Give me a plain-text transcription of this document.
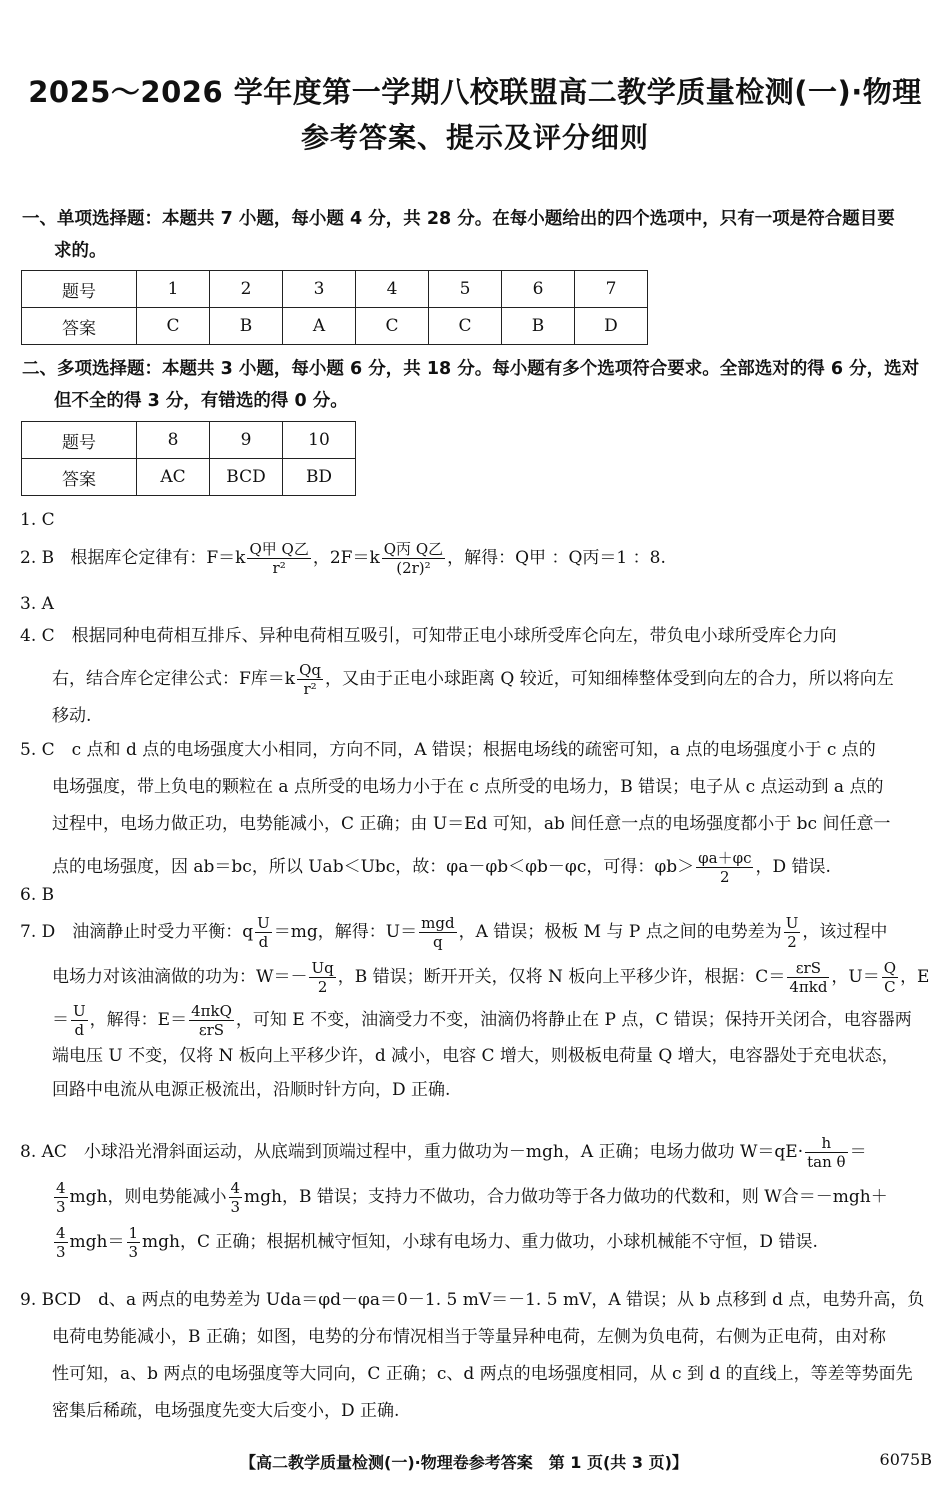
2025～2026 学年度第一学期八校联盟高二教学质量检测(一)·物理
参考答案、提示及评分细则
一、单项选择题：本题共 7 小题，每小题 4 分，共 28 分。在每小题给出的四个选项中，只有一项是符合题目要
求的。
题号	1	2	3	4	5	6	7
答案	C	B	A	C	C	B	D
二、多项选择题：本题共 3 小题，每小题 6 分，共 18 分。每小题有多个选项符合要求。全部选对的得 6 分，选对
但不全的得 3 分，有错选的得 0 分。
题号	8	9	10
答案	AC	BCD	BD
1. C
2. B 根据库仑定律有：$F=k \frac{\text{Q甲 Q乙}}{\text{r²}}$ ，$2F=k \frac{\text{Q丙 Q乙}}{\text{(2r)²}}$ ，解得：Q甲 ：Q丙＝1 ：8.
3. A
4. C　根据同种电荷相互排斥、异种电荷相互吸引，可知带正电小球所受库仑向左，带负电小球所受库仑力向
右，结合库仑定律公式：F库$=k \frac{Qq}{\text{r²}}$ ，又由于正电小球距离 Q 较近，可知细棒整体受到向左的合力，所以将向左
移动.
5. C　c 点和 d 点的电场强度大小相同，方向不同，A 错误；根据电场线的疏密可知，a 点的电场强度小于 c 点的
电场强度，带上负电的颗粒在 a 点所受的电场力小于在 c 点所受的电场力，B 错误；电子从 c 点运动到 a 点的
过程中，电场力做正功，电势能减小，C 正确；由 U＝Ed 可知，ab 间任意一点的电场强度都小于 bc 间任意一
点的电场强度，因 ab＝bc，所以 Uab＜Ubc，故：φa－φb＜φb－φc，可得：$\varphi b> \frac{\varphi a+\varphi c}{2}$ ，D 错误.
6. B
7. D　油滴静止时受力平衡：q $\frac{U}{d} =mg$，解得：$U= \frac{\text{mgd}}{q}$ ，A 错误；极板 M 与 P 点之间的电势差为 $\frac{U}{2}$ ，该过程中
电场力对该油滴做的功为：$W=- \frac{Uq}{2}$ ，B 错误；断开开关，仅将 N 板向上平移少许，根据：$C= \frac{\text{εrS}}{\text{4πkd}}$ ，$U= \frac{Q}{C}$ ，E
＝ $\frac{U}{d}$ ，解得：$E= \frac{\text{4πkQ}}{\text{εrS}}$ ，可知 E 不变，油滴受力不变，油滴仍将静止在 P 点，C 错误；保持开关闭合，电容器两
端电压 U 不变，仅将 N 板向上平移少许，d 减小，电容 C 增大，则极板电荷量 Q 增大，电容器处于充电状态，
回路中电流从电源正极流出，沿顺时针方向，D 正确.
8. AC　小球沿光滑斜面运动，从底端到顶端过程中，重力做功为－mgh，A 正确；电场力做功 $W=qE\cdot \frac{h}{\text{tan θ}}$ ＝
$\frac{4}{3}$ mgh，则电势能减小 $\frac{4}{3}$ mgh，B 错误；支持力不做功，合力做功等于各力做功的代数和，则 W合＝－mgh＋
$\frac{4}{3} mgh= \frac{1}{3}$ mgh，C 正确；根据机械守恒知，小球有电场力、重力做功，小球机械能不守恒，D 错误.
9. BCD　d、a 两点的电势差为 Uda＝φd－φa＝0－1. 5 mV＝－1. 5 mV，A 错误；从 b 点移到 d 点，电势升高，负
电荷电势能减小，B 正确；如图，电势的分布情况相当于等量异种电荷，左侧为负电荷，右侧为正电荷，由对称
性可知，a、b 两点的电场强度等大同向，C 正确；c、d 两点的电场强度相同，从 c 到 d 的直线上，等差等势面先
密集后稀疏，电场强度先变大后变小，D 正确.
【高二教学质量检测(一)·物理卷参考答案　第 1 页(共 3 页)】	6075B
